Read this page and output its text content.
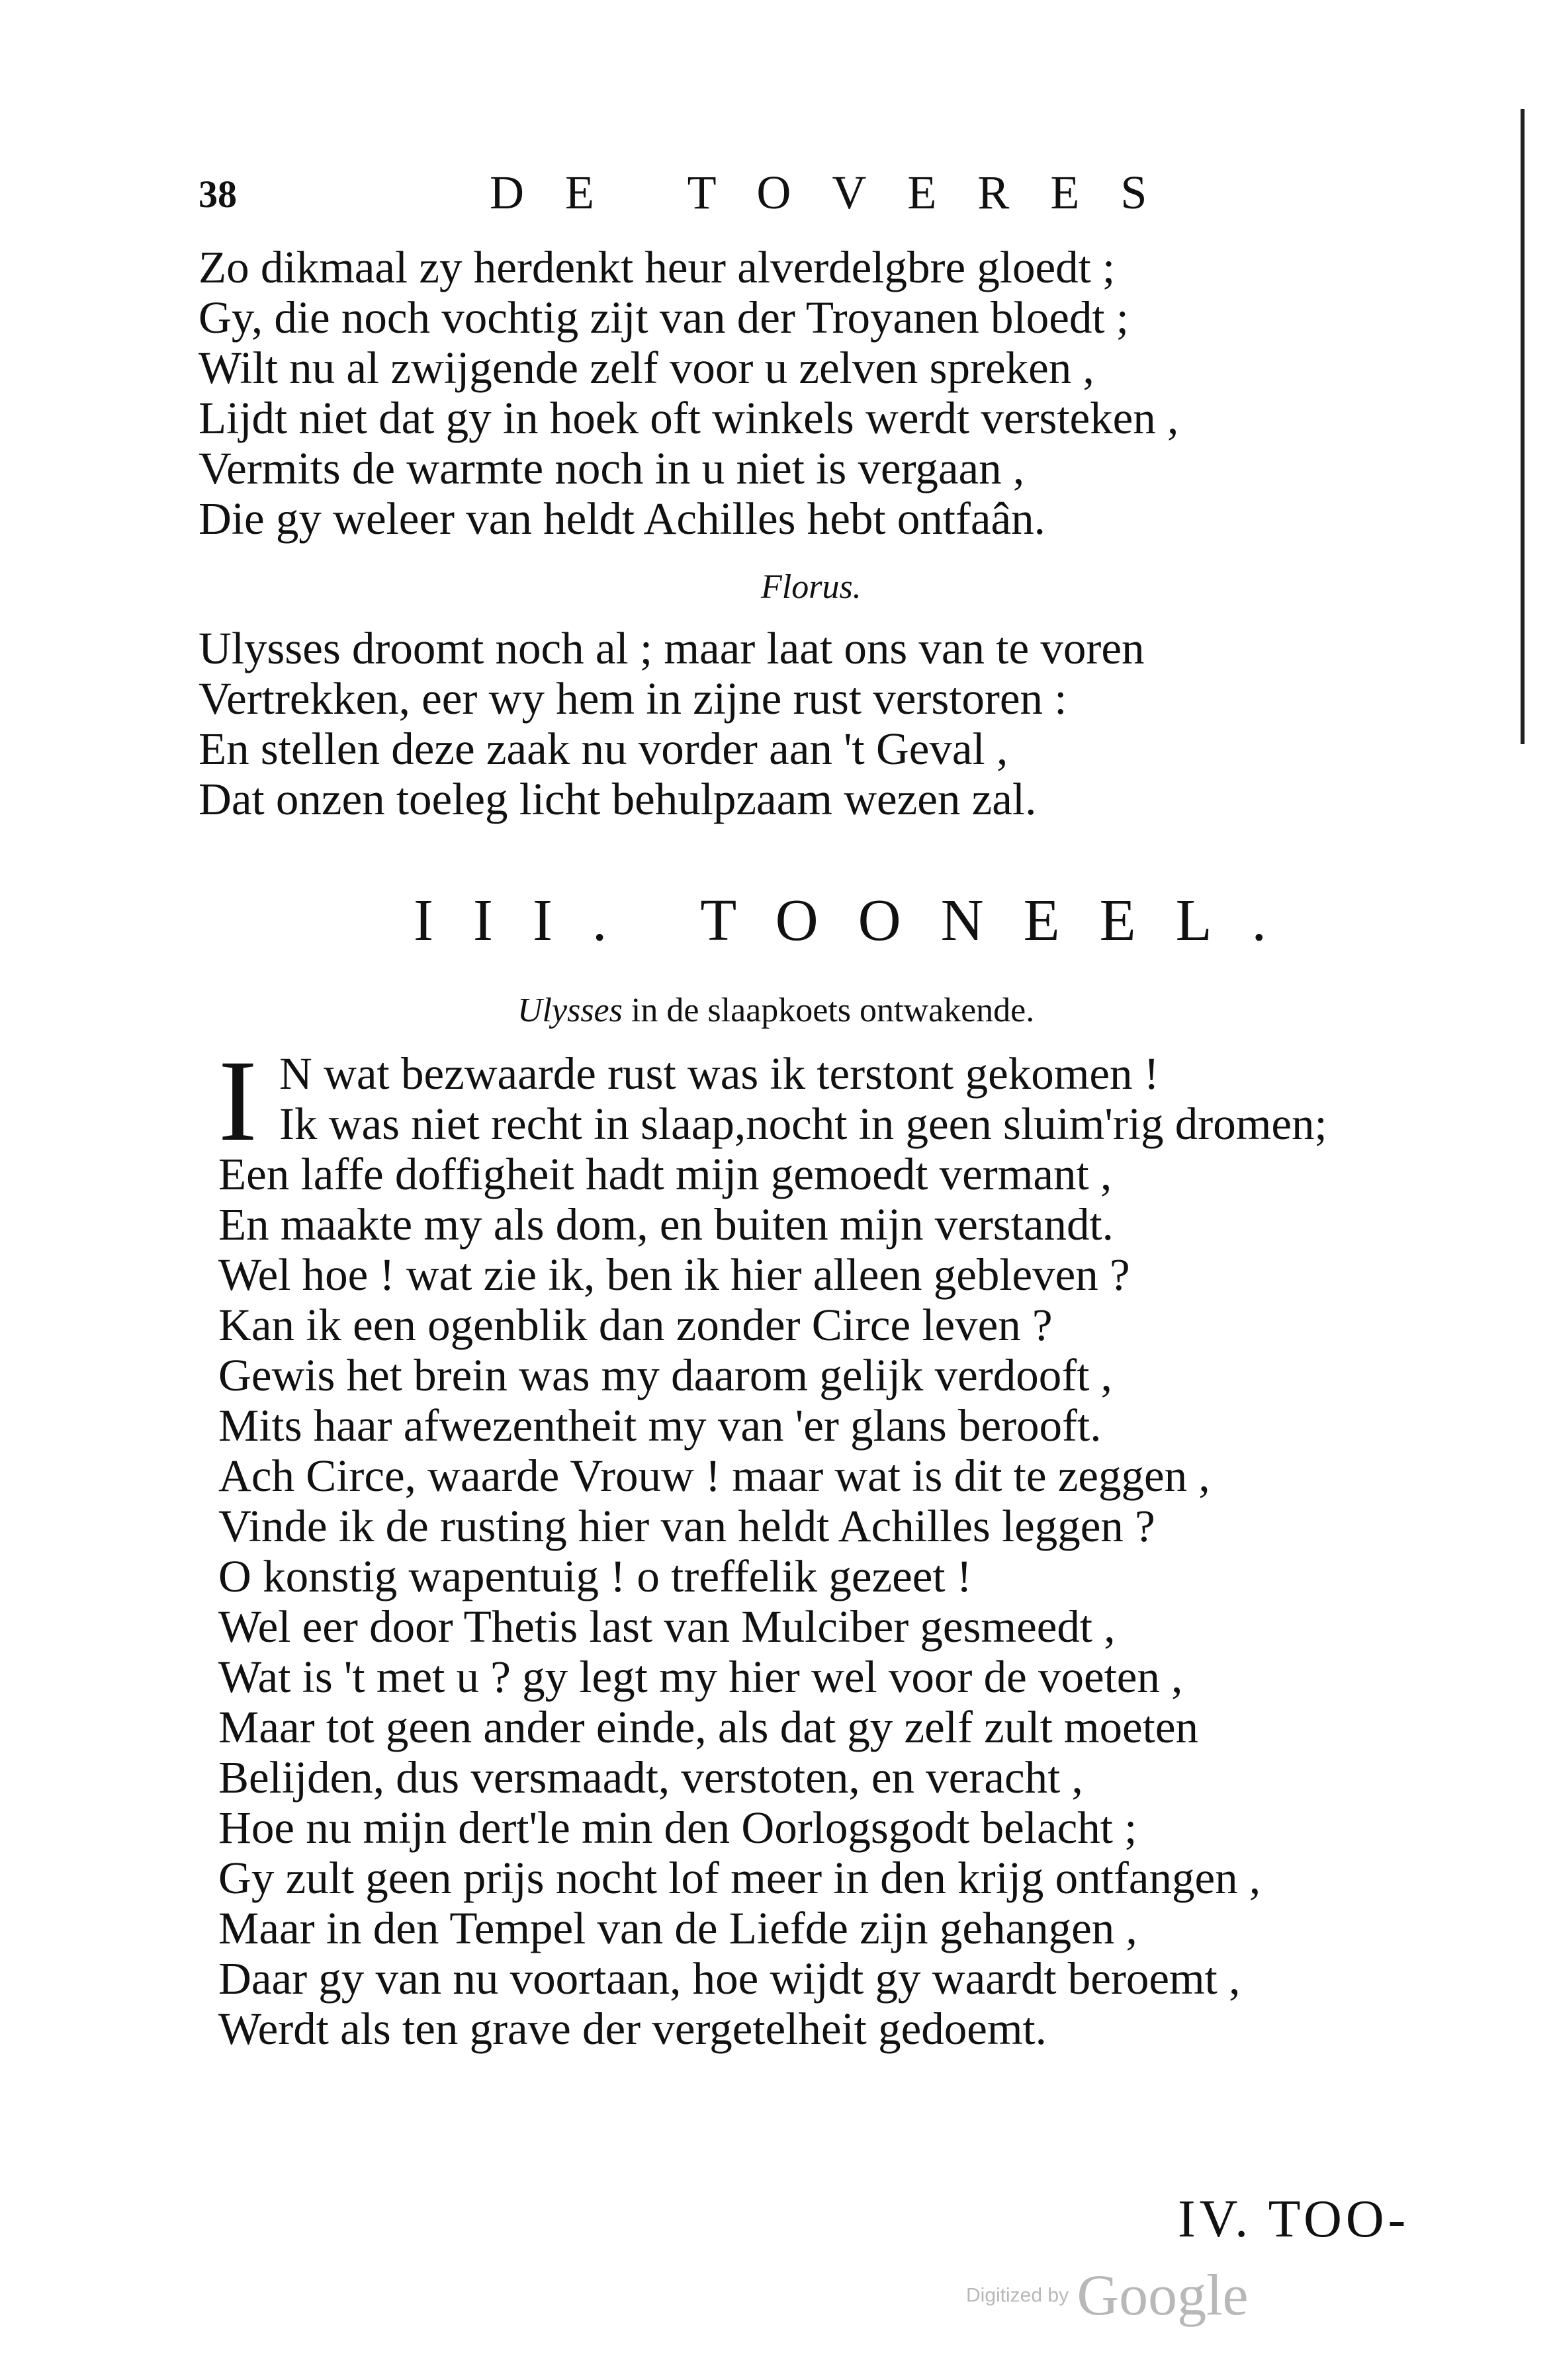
38	DE TOVERES
Zo dikmaal zy herdenkt heur alverdelgbre gloedt ;
Gy, die noch vochtig zijt van der Troyanen bloedt ;
Wilt nu al zwijgende zelf voor u zelven spreken ,
Lijdt niet dat gy in hoek oft winkels werdt versteken ,
Vermits de warmte noch in u niet is vergaan ,
Die gy weleer van heldt Achilles hebt ontfaân.
Florus.
Ulysses droomt noch al ; maar laat ons van te voren
Vertrekken, eer wy hem in zijne rust verstoren :
En stellen deze zaak nu vorder aan 't Geval ,
Dat onzen toeleg licht behulpzaam wezen zal.
III. TOONEEL.
Ulysses in de slaapkoets ontwakende.
I N wat bezwaarde rust was ik terstont gekomen !
Ik was niet recht in slaap,nocht in geen sluim'rig dromen;
Een laffe doffigheit hadt mijn gemoedt vermant ,
En maakte my als dom, en buiten mijn verstandt.
Wel hoe ! wat zie ik, ben ik hier alleen gebleven ?
Kan ik een ogenblik dan zonder Circe leven ?
Gewis het brein was my daarom gelijk verdooft ,
Mits haar afwezentheit my van 'er glans berooft.
Ach Circe, waarde Vrouw ! maar wat is dit te zeggen ,
Vinde ik de rusting hier van heldt Achilles leggen ?
O konstig wapentuig ! o treffelik gezeet !
Wel eer door Thetis last van Mulciber gesmeedt ,
Wat is 't met u ? gy legt my hier wel voor de voeten ,
Maar tot geen ander einde, als dat gy zelf zult moeten
Belijden, dus versmaadt, verstoten, en veracht ,
Hoe nu mijn dert'le min den Oorlogsgodt belacht ;
Gy zult geen prijs nocht lof meer in den krijg ontfangen ,
Maar in den Tempel van de Liefde zijn gehangen ,
Daar gy van nu voortaan, hoe wijdt gy waardt beroemt ,
Werdt als ten grave der vergetelheit gedoemt.
IV. TOO-
Digitized by Google
